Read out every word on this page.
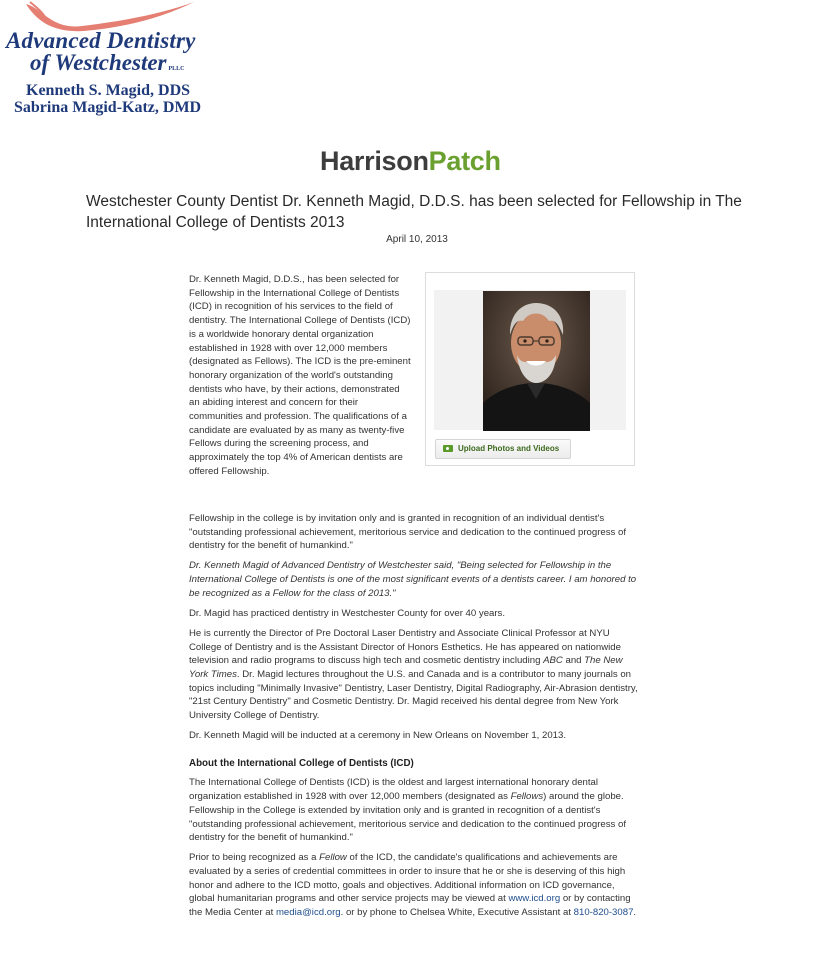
Advanced Dentistry
of Westchester PLLC
Kenneth S. Magid, DDS
Sabrina Magid-Katz, DMD
HarrisonPatch
Westchester County Dentist Dr. Kenneth Magid, D.D.S. has been selected for Fellowship in The International College of Dentists 2013
April 10, 2013
Dr. Kenneth Magid, D.D.S., has been selected for Fellowship in the International College of Dentists (ICD) in recognition of his services to the field of dentistry. The International College of Dentists (ICD) is a worldwide honorary dental organization established in 1928 with over 12,000 members (designated as Fellows). The ICD is the pre-eminent honorary organization of the world's outstanding dentists who have, by their actions, demonstrated an abiding interest and concern for their communities and profession. The qualifications of a candidate are evaluated by as many as twenty-five Fellows during the screening process, and approximately the top 4% of American dentists are offered Fellowship.
Upload Photos and Videos

Fellowship in the college is by invitation only and is granted in recognition of an individual dentist's "outstanding professional achievement, meritorious service and dedication to the continued progress of dentistry for the benefit of humankind."

Dr. Kenneth Magid of Advanced Dentistry of Westchester said, "Being selected for Fellowship in the International College of Dentists is one of the most significant events of a dentists career. I am honored to be recognized as a Fellow for the class of 2013."

Dr. Magid has practiced dentistry in Westchester County for over 40 years.

He is currently the Director of Pre Doctoral Laser Dentistry and Associate Clinical Professor at NYU College of Dentistry and is the Assistant Director of Honors Esthetics. He has appeared on nationwide television and radio programs to discuss high tech and cosmetic dentistry including ABC and The New York Times. Dr. Magid lectures throughout the U.S. and Canada and is a contributor to many journals on topics including "Minimally Invasive" Dentistry, Laser Dentistry, Digital Radiography, Air-Abrasion dentistry, "21st Century Dentistry" and Cosmetic Dentistry. Dr. Magid received his dental degree from New York University College of Dentistry.

Dr. Kenneth Magid will be inducted at a ceremony in New Orleans on November 1, 2013.

About the International College of Dentists (ICD)

The International College of Dentists (ICD) is the oldest and largest international honorary dental organization established in 1928 with over 12,000 members (designated as Fellows) around the globe. Fellowship in the College is extended by invitation only and is granted in recognition of a dentist's "outstanding professional achievement, meritorious service and dedication to the continued progress of dentistry for the benefit of humankind."

Prior to being recognized as a Fellow of the ICD, the candidate's qualifications and achievements are evaluated by a series of credential committees in order to insure that he or she is deserving of this high honor and adhere to the ICD motto, goals and objectives. Additional information on ICD governance, global humanitarian programs and other service projects may be viewed at www.icd.org or by contacting the Media Center at media@icd.org. or by phone to Chelsea White, Executive Assistant at 810-820-3087.
